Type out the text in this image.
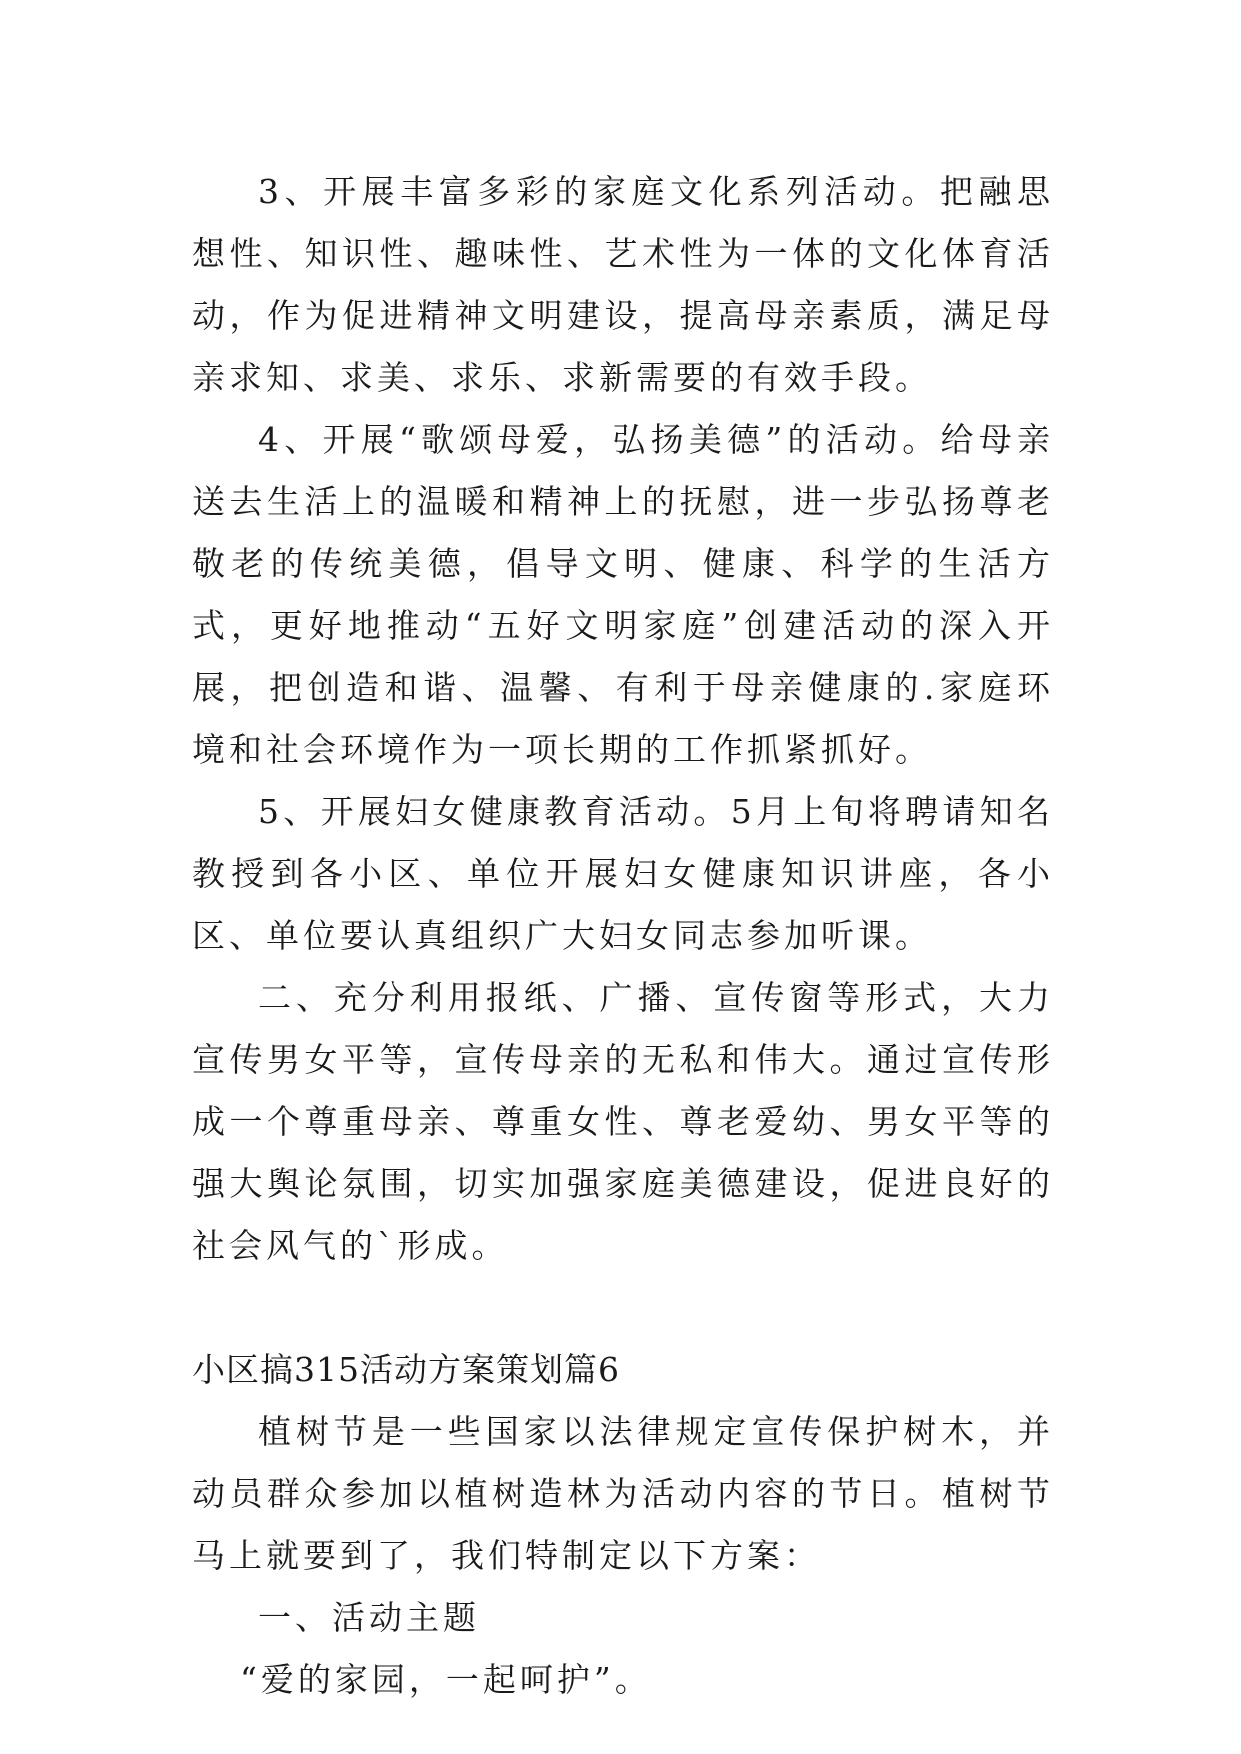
3、开展丰富多彩的家庭文化系列活动。把融思想性、知识性、趣味性、艺术性为一体的文化体育活动，作为促进精神文明建设，提高母亲素质，满足母亲求知、求美、求乐、求新需要的有效手段。

4、开展“歌颂母爱，弘扬美德”的活动。给母亲送去生活上的温暖和精神上的抚慰，进一步弘扬尊老敬老的传统美德，倡导文明、健康、科学的生活方式，更好地推动“五好文明家庭”创建活动的深入开展，把创造和谐、温馨、有利于母亲健康的.家庭环境和社会环境作为一项长期的工作抓紧抓好。

5、开展妇女健康教育活动。5月上旬将聘请知名教授到各小区、单位开展妇女健康知识讲座，各小区、单位要认真组织广大妇女同志参加听课。

二、充分利用报纸、广播、宣传窗等形式，大力宣传男女平等，宣传母亲的无私和伟大。通过宣传形成一个尊重母亲、尊重女性、尊老爱幼、男女平等的强大舆论氛围，切实加强家庭美德建设，促进良好的社会风气的`形成。

小区搞315活动方案策划篇6

植树节是一些国家以法律规定宣传保护树木，并动员群众参加以植树造林为活动内容的节日。植树节马上就要到了，我们特制定以下方案：

一、活动主题

“爱的家园，一起呵护”。
